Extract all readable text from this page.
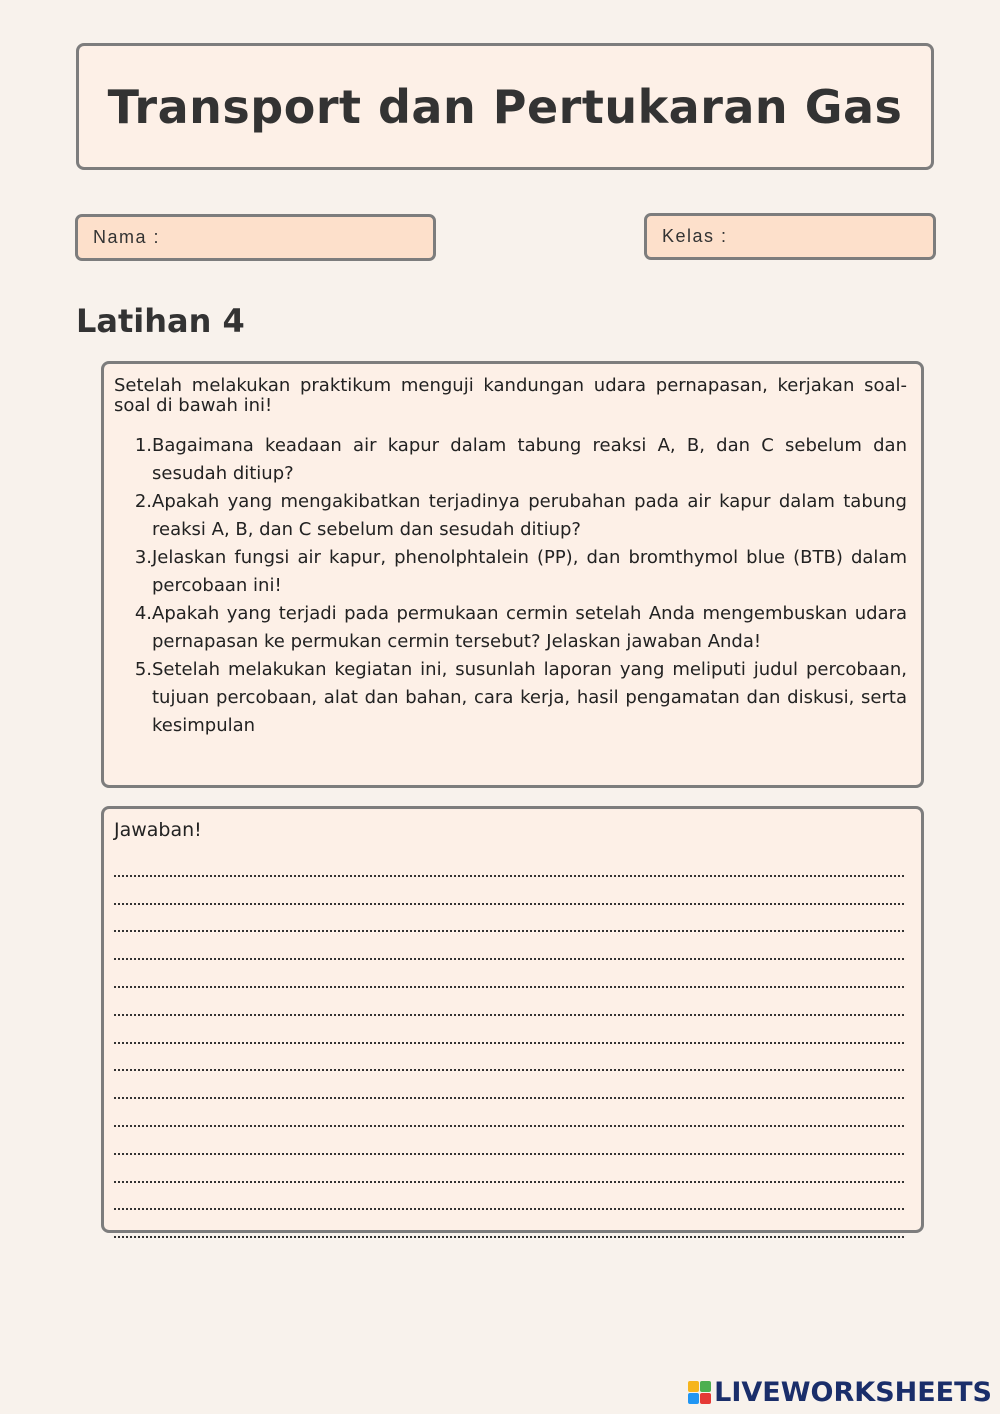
Transport dan Pertukaran Gas
Nama :	Kelas :
Latihan 4

Setelah melakukan praktikum menguji kandungan udara pernapasan, kerjakan soal-soal di bawah ini!

1. Bagaimana keadaan air kapur dalam tabung reaksi A, B, dan C sebelum dan sesudah ditiup?
2. Apakah yang mengakibatkan terjadinya perubahan pada air kapur dalam tabung reaksi A, B, dan C sebelum dan sesudah ditiup?
3. Jelaskan fungsi air kapur, phenolphtalein (PP), dan bromthymol blue (BTB) dalam percobaan ini!
4. Apakah yang terjadi pada permukaan cermin setelah Anda mengembuskan udara pernapasan ke permukan cermin tersebut? Jelaskan jawaban Anda!
5. Setelah melakukan kegiatan ini, susunlah laporan yang meliputi judul percobaan, tujuan percobaan, alat dan bahan, cara kerja, hasil pengamatan dan diskusi, serta kesimpulan

Jawaban!

LIVEWORKSHEETS
